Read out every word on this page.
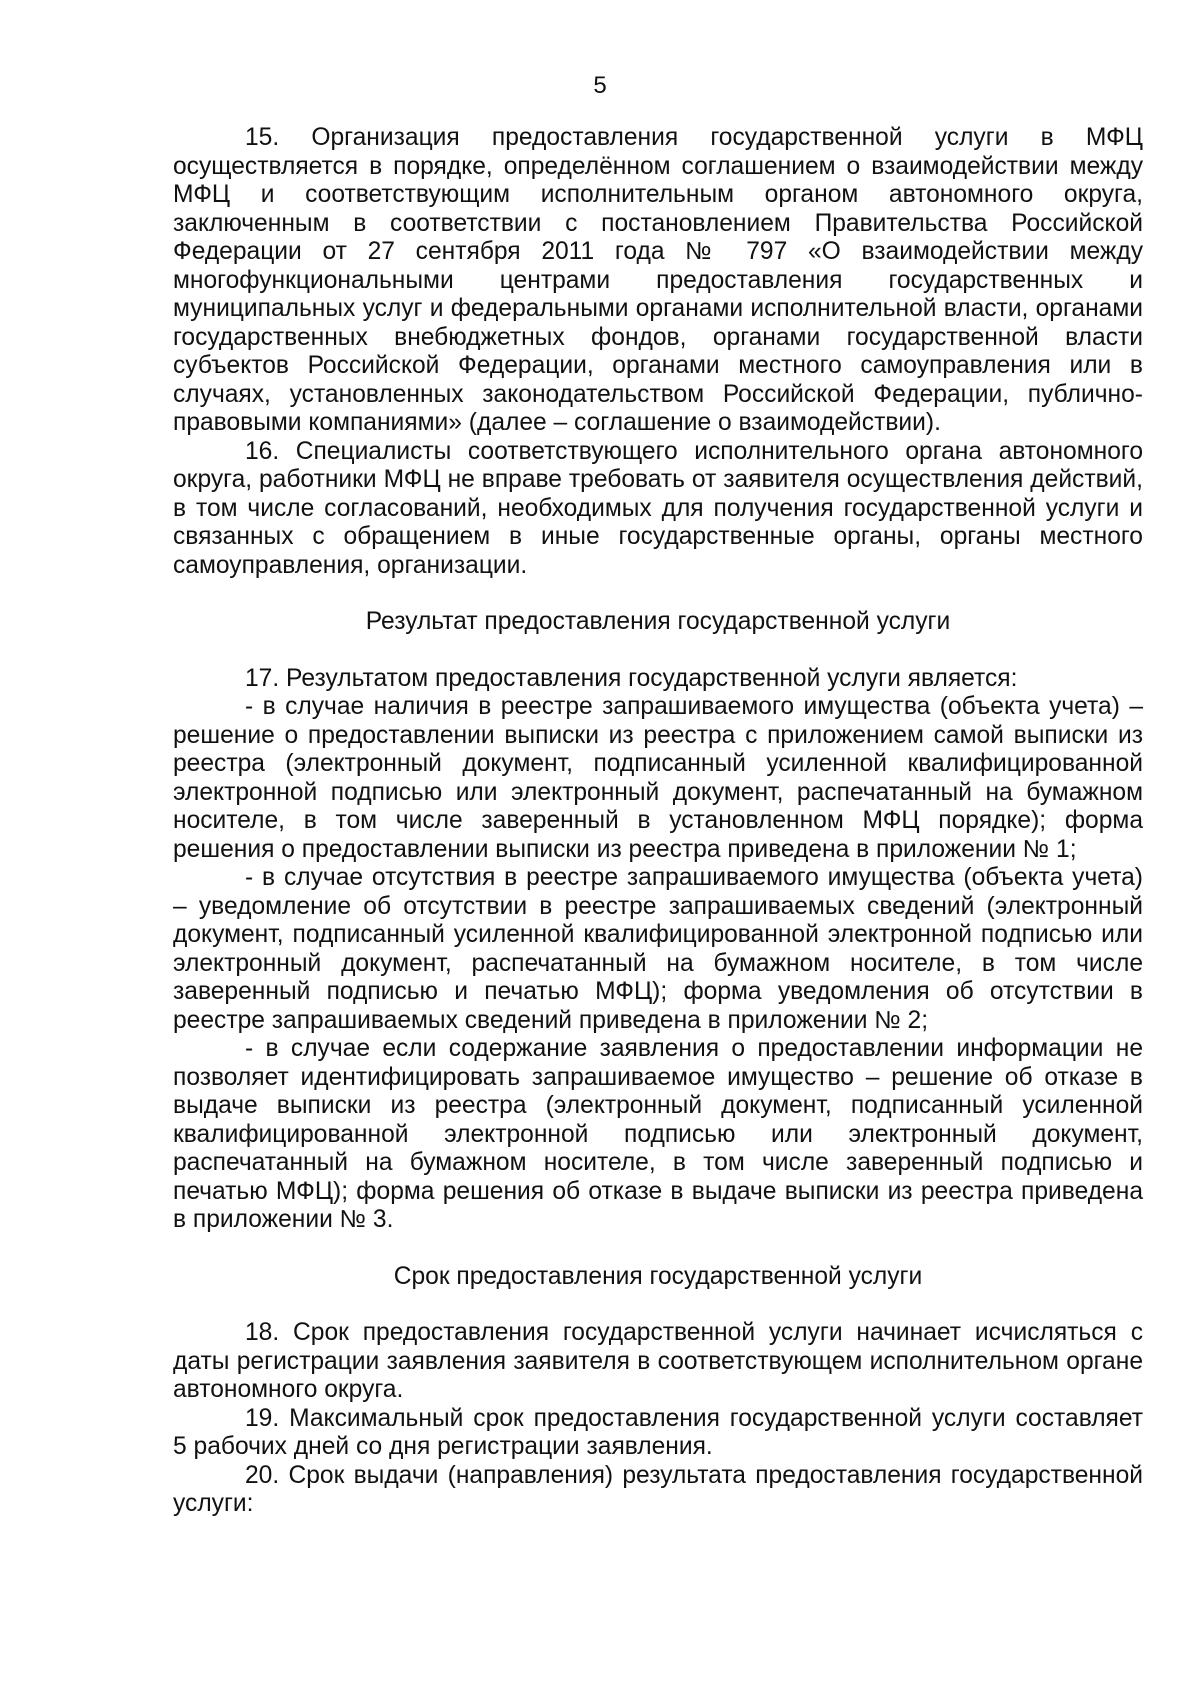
5

15. Организация предоставления государственной услуги в МФЦ осуществляется в порядке, определённом соглашением о взаимодействии между МФЦ и соответствующим исполнительным органом автономного округа, заключенным в соответствии с постановлением Правительства Российской Федерации от 27 сентября 2011 года № 797 «О взаимодействии между многофункциональными центрами предоставления государственных и муниципальных услуг и федеральными органами исполнительной власти, органами государственных внебюджетных фондов, органами государственной власти субъектов Российской Федерации, органами местного самоуправления или в случаях, установленных законодательством Российской Федерации, публично-правовыми компаниями» (далее – соглашение о взаимодействии).

16. Специалисты соответствующего исполнительного органа автономного округа, работники МФЦ не вправе требовать от заявителя осуществления действий, в том числе согласований, необходимых для получения государственной услуги и связанных с обращением в иные государственные органы, органы местного самоуправления, организации.

Результат предоставления государственной услуги

17. Результатом предоставления государственной услуги является:

- в случае наличия в реестре запрашиваемого имущества (объекта учета) – решение о предоставлении выписки из реестра с приложением самой выписки из реестра (электронный документ, подписанный усиленной квалифицированной электронной подписью или электронный документ, распечатанный на бумажном носителе, в том числе заверенный в установленном МФЦ порядке); форма решения о предоставлении выписки из реестра приведена в приложении № 1;

- в случае отсутствия в реестре запрашиваемого имущества (объекта учета) – уведомление об отсутствии в реестре запрашиваемых сведений (электронный документ, подписанный усиленной квалифицированной электронной подписью или электронный документ, распечатанный на бумажном носителе, в том числе заверенный подписью и печатью МФЦ); форма уведомления об отсутствии в реестре запрашиваемых сведений приведена в приложении № 2;

- в случае если содержание заявления о предоставлении информации не позволяет идентифицировать запрашиваемое имущество – решение об отказе в выдаче выписки из реестра (электронный документ, подписанный усиленной квалифицированной электронной подписью или электронный документ, распечатанный на бумажном носителе, в том числе заверенный подписью и печатью МФЦ); форма решения об отказе в выдаче выписки из реестра приведена в приложении № 3.

Срок предоставления государственной услуги

18. Срок предоставления государственной услуги начинает исчисляться с даты регистрации заявления заявителя в соответствующем исполнительном органе автономного округа.

19. Максимальный срок предоставления государственной услуги составляет 5 рабочих дней со дня регистрации заявления.

20. Срок выдачи (направления) результата предоставления государственной услуги:
